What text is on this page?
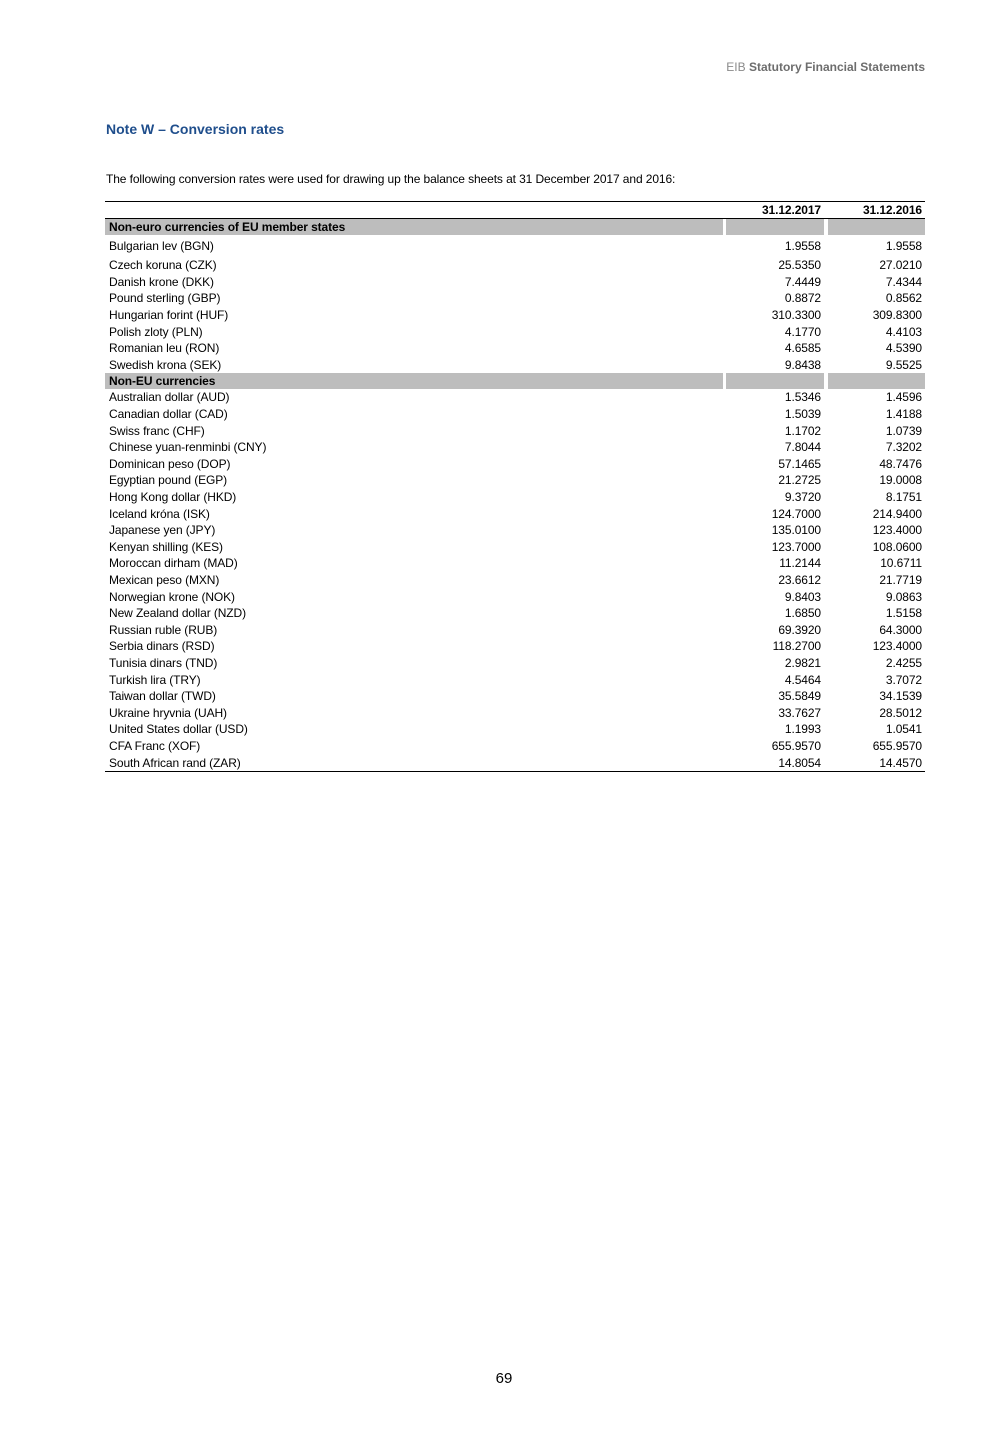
EIB Statutory Financial Statements
Note W – Conversion rates
The following conversion rates were used for drawing up the balance sheets at 31 December 2017 and 2016:
		31.12.2017		31.12.2016
Non-euro currencies of EU member states				
Bulgarian lev (BGN)		1.9558		1.9558
Czech koruna (CZK)		25.5350		27.0210
Danish krone (DKK)		7.4449		7.4344
Pound sterling (GBP)		0.8872		0.8562
Hungarian forint (HUF)		310.3300		309.8300
Polish zloty (PLN)		4.1770		4.4103
Romanian leu (RON)		4.6585		4.5390
Swedish krona (SEK)		9.8438		9.5525
Non-EU currencies				
Australian dollar (AUD)		1.5346		1.4596
Canadian dollar (CAD)		1.5039		1.4188
Swiss franc (CHF)		1.1702		1.0739
Chinese yuan-renminbi (CNY)		7.8044		7.3202
Dominican peso (DOP)		57.1465		48.7476
Egyptian pound (EGP)		21.2725		19.0008
Hong Kong dollar (HKD)		9.3720		8.1751
Iceland króna (ISK)		124.7000		214.9400
Japanese yen (JPY)		135.0100		123.4000
Kenyan shilling (KES)		123.7000		108.0600
Moroccan dirham (MAD)		11.2144		10.6711
Mexican peso (MXN)		23.6612		21.7719
Norwegian krone (NOK)		9.8403		9.0863
New Zealand dollar (NZD)		1.6850		1.5158
Russian ruble (RUB)		69.3920		64.3000
Serbia dinars (RSD)		118.2700		123.4000
Tunisia dinars (TND)		2.9821		2.4255
Turkish lira (TRY)		4.5464		3.7072
Taiwan dollar (TWD)		35.5849		34.1539
Ukraine hryvnia (UAH)		33.7627		28.5012
United States dollar (USD)		1.1993		1.0541
CFA Franc (XOF)		655.9570		655.9570
South African rand (ZAR)		14.8054		14.4570
69
